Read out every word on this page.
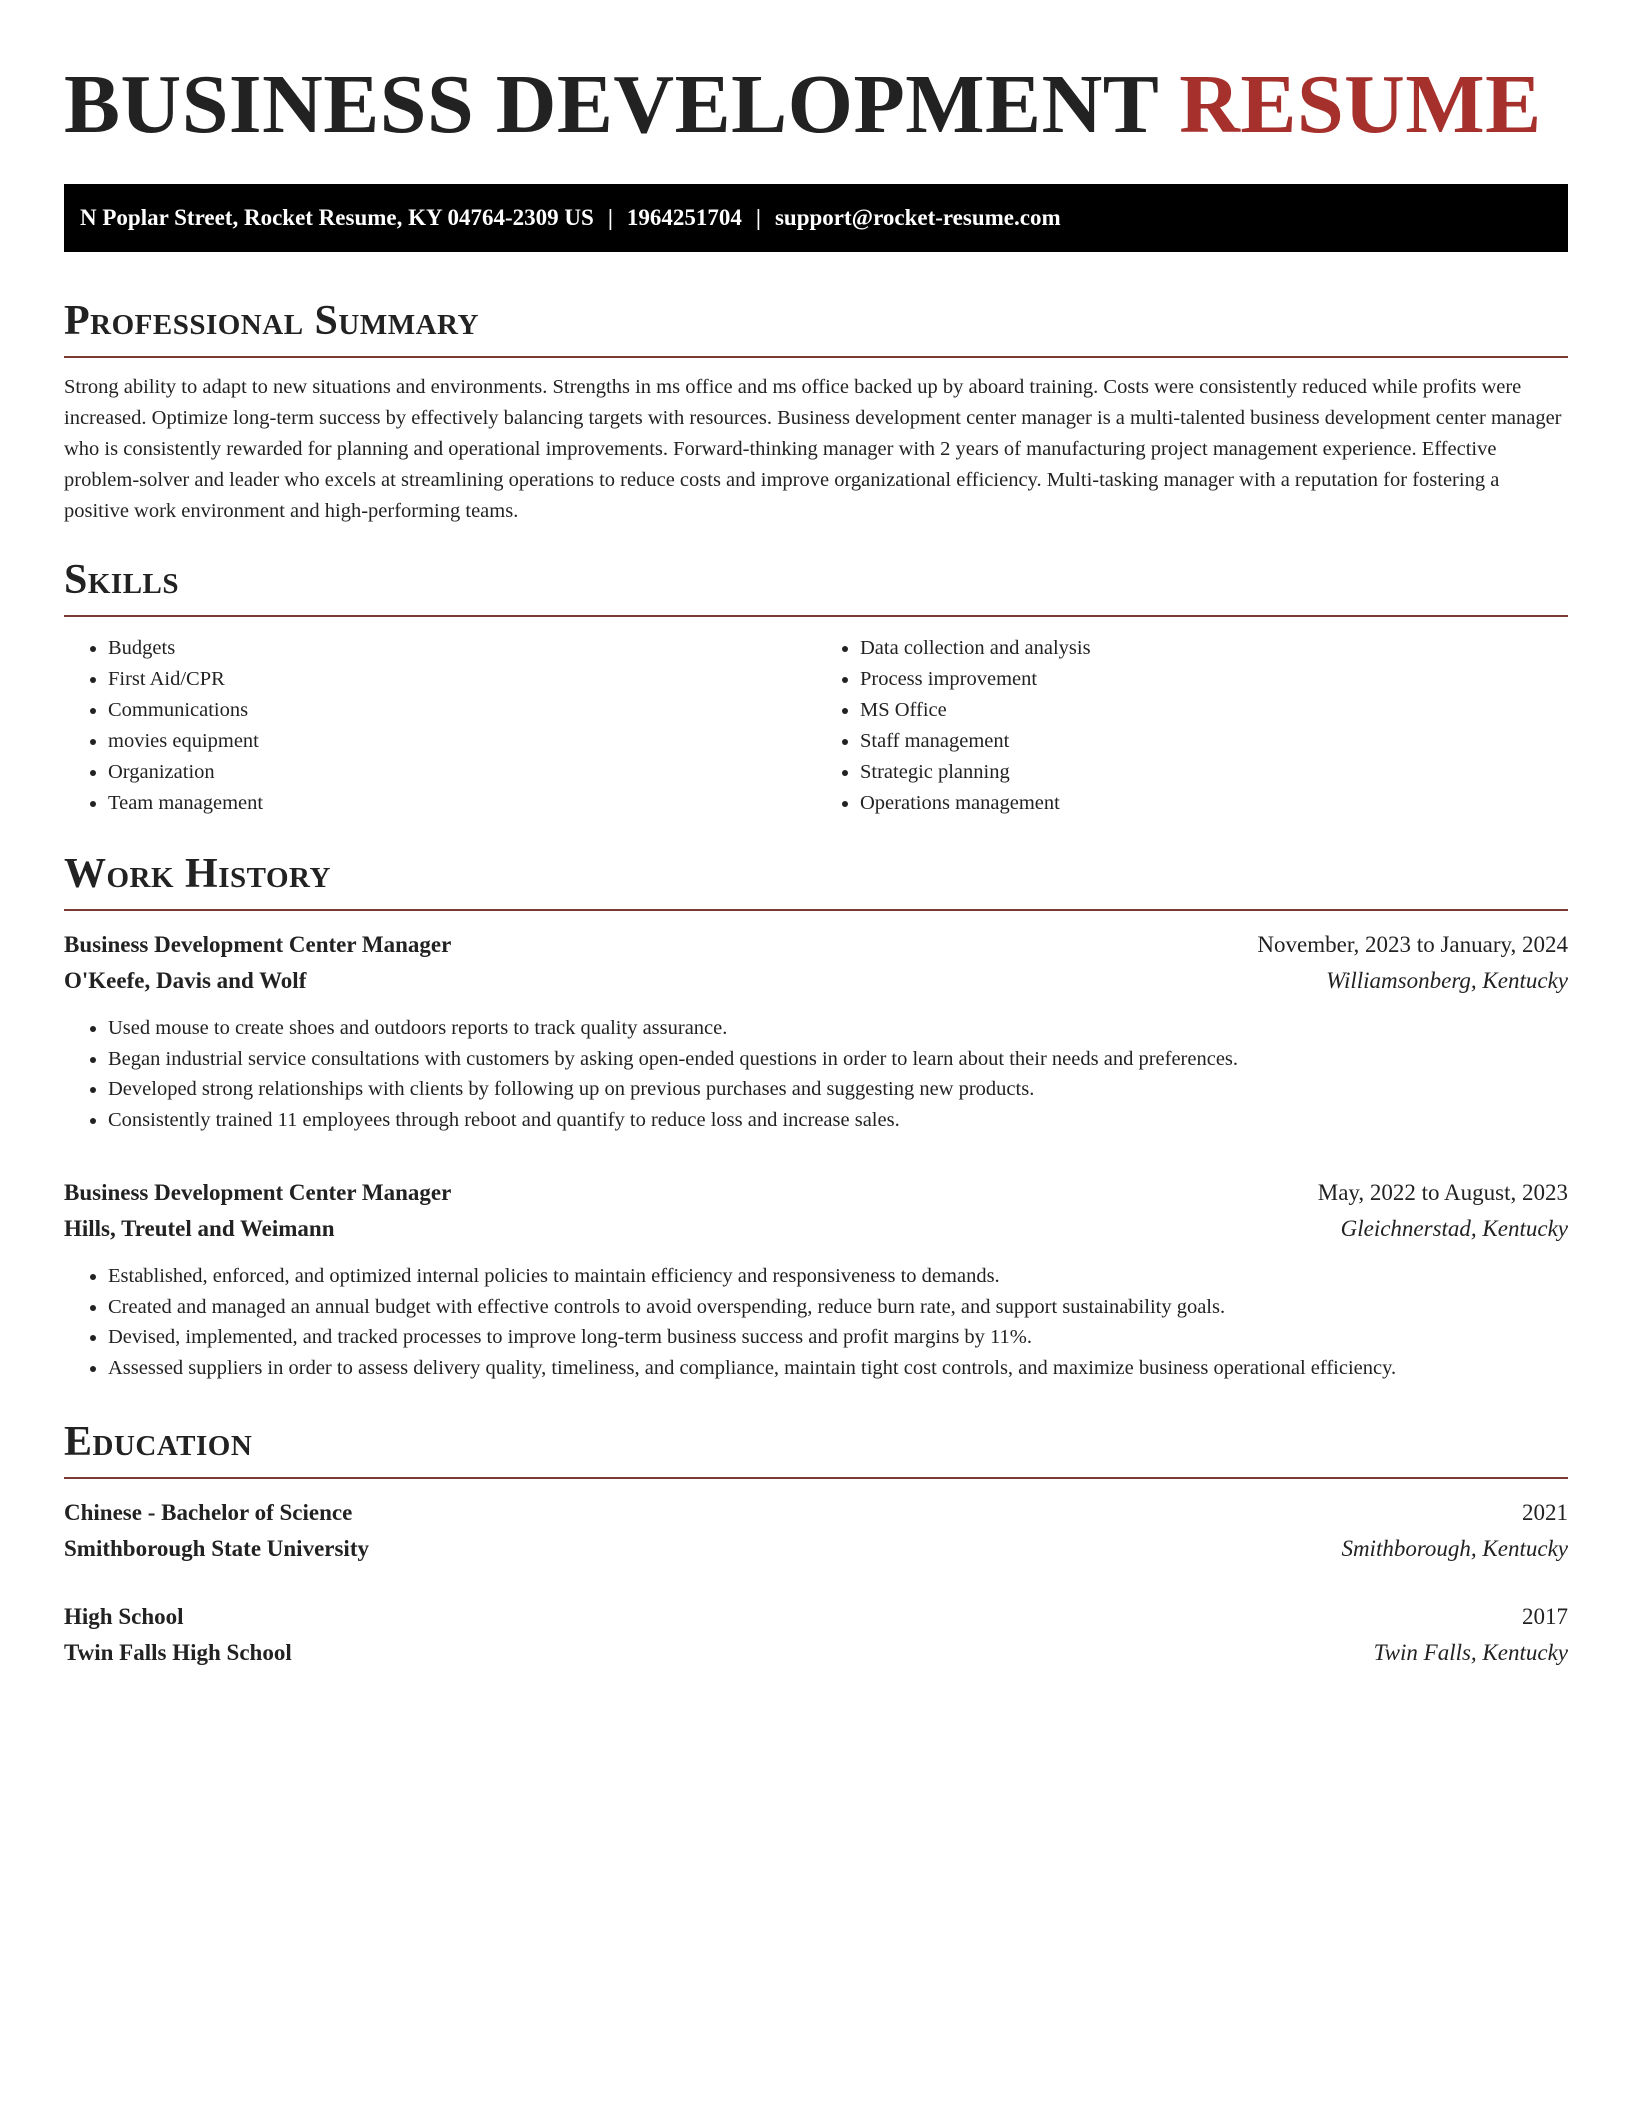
BUSINESS DEVELOPMENT RESUME
N Poplar Street, Rocket Resume, KY 04764-2309 US | 1964251704 | support@rocket-resume.com
Professional Summary

Strong ability to adapt to new situations and environments. Strengths in ms office and ms office backed up by aboard training. Costs were consistently reduced while profits were increased. Optimize long-term success by effectively balancing targets with resources. Business development center manager is a multi-talented business development center manager who is consistently rewarded for planning and operational improvements. Forward-thinking manager with 2 years of manufacturing project management experience. Effective problem-solver and leader who excels at streamlining operations to reduce costs and improve organizational efficiency. Multi-tasking manager with a reputation for fostering a positive work environment and high-performing teams.

Skills
• Budgets
• First Aid/CPR
• Communications
• movies equipment
• Organization
• Team management
• Data collection and analysis
• Process improvement
• MS Office
• Staff management
• Strategic planning
• Operations management
Work History
Business Development Center Manager	November, 2023 to January, 2024
O'Keefe, Davis and Wolf	Williamsonberg, Kentucky
• Used mouse to create shoes and outdoors reports to track quality assurance.
• Began industrial service consultations with customers by asking open-ended questions in order to learn about their needs and preferences.
• Developed strong relationships with clients by following up on previous purchases and suggesting new products.
• Consistently trained 11 employees through reboot and quantify to reduce loss and increase sales.
Business Development Center Manager	May, 2022 to August, 2023
Hills, Treutel and Weimann	Gleichnerstad, Kentucky
• Established, enforced, and optimized internal policies to maintain efficiency and responsiveness to demands.
• Created and managed an annual budget with effective controls to avoid overspending, reduce burn rate, and support sustainability goals.
• Devised, implemented, and tracked processes to improve long-term business success and profit margins by 11%.
• Assessed suppliers in order to assess delivery quality, timeliness, and compliance, maintain tight cost controls, and maximize business operational efficiency.
Education
Chinese - Bachelor of Science	2021
Smithborough State University	Smithborough, Kentucky
High School	2017
Twin Falls High School	Twin Falls, Kentucky
